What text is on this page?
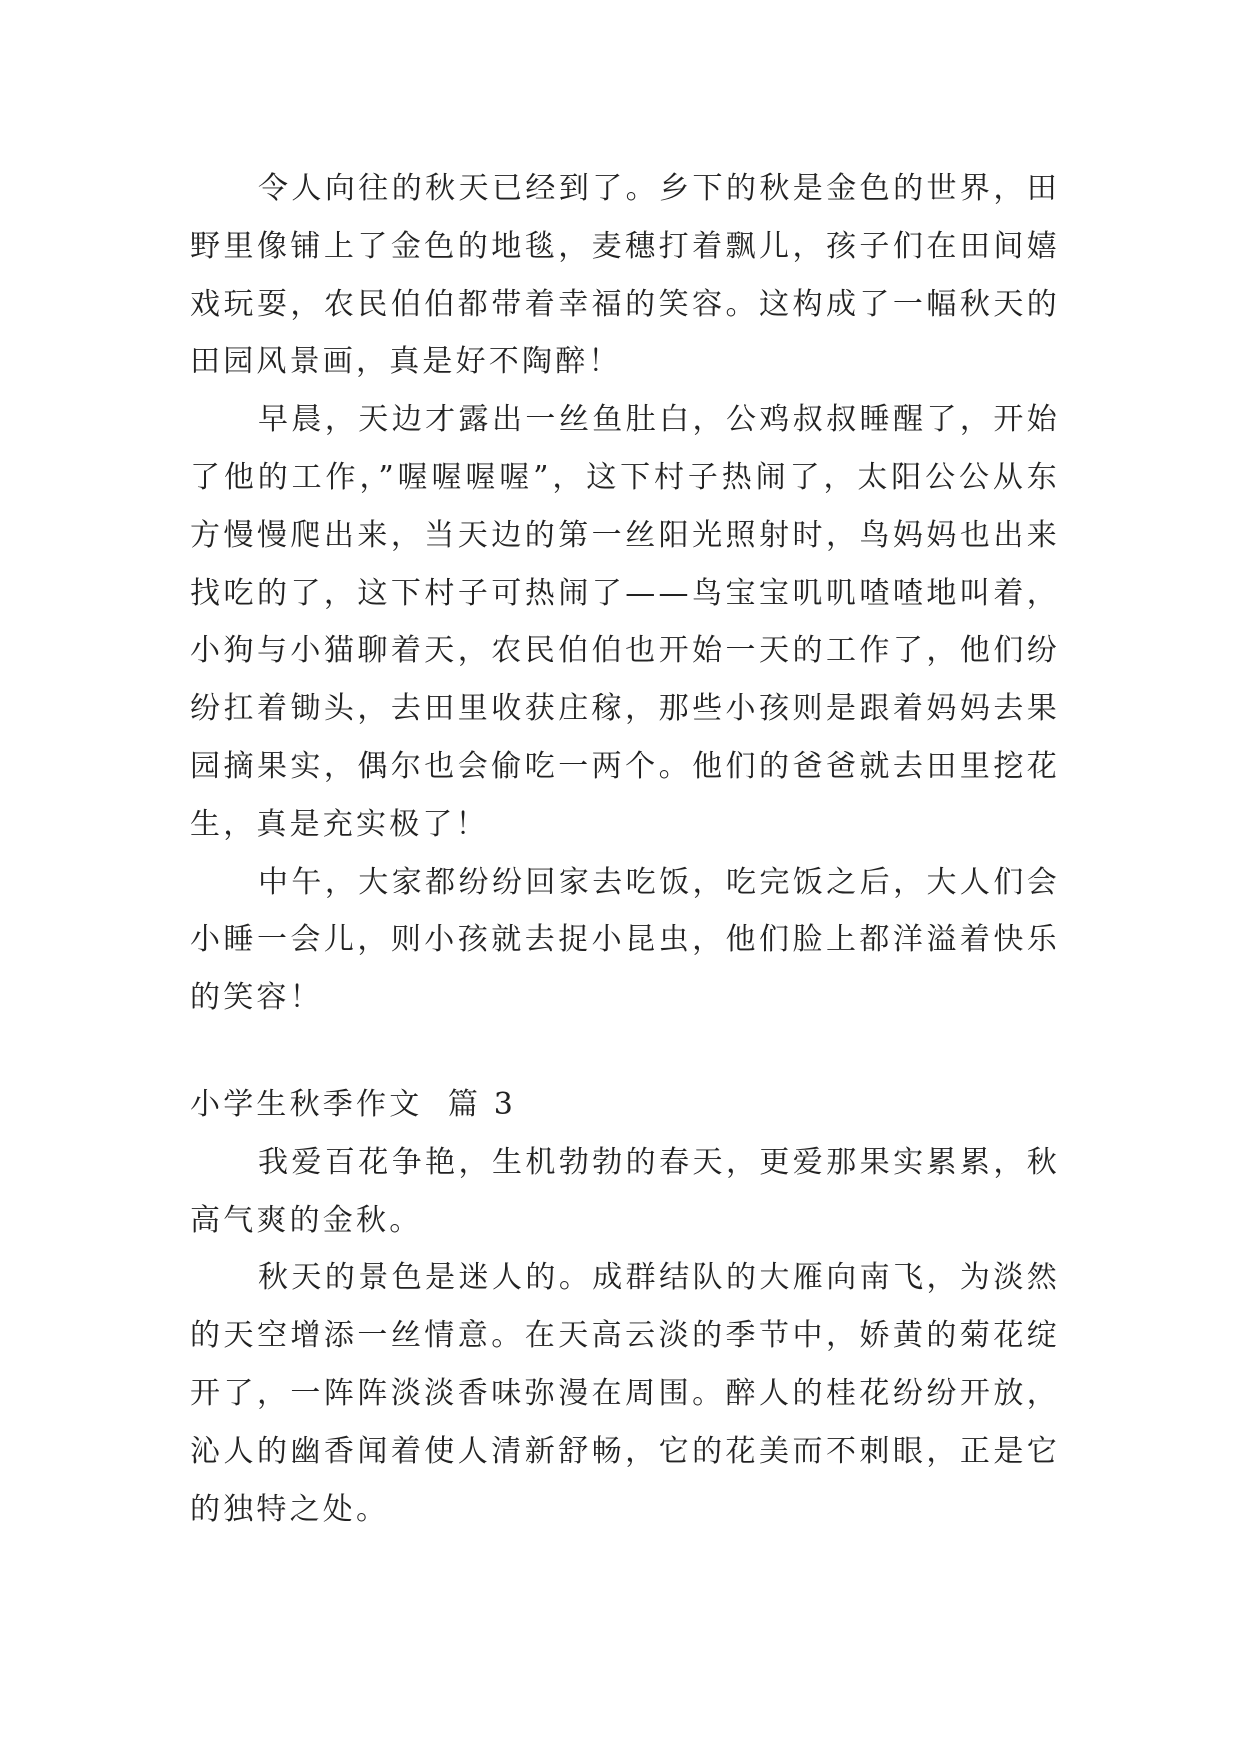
令人向往的秋天已经到了。乡下的秋是金色的世界，田野里像铺上了金色的地毯，麦穗打着飘儿，孩子们在田间嬉戏玩耍，农民伯伯都带着幸福的笑容。这构成了一幅秋天的田园风景画，真是好不陶醉！

早晨，天边才露出一丝鱼肚白，公鸡叔叔睡醒了，开始了他的工作，”喔喔喔喔”，这下村子热闹了，太阳公公从东方慢慢爬出来，当天边的第一丝阳光照射时，鸟妈妈也出来找吃的了，这下村子可热闹了——鸟宝宝叽叽喳喳地叫着，小狗与小猫聊着天，农民伯伯也开始一天的工作了，他们纷纷扛着锄头，去田里收获庄稼，那些小孩则是跟着妈妈去果园摘果实，偶尔也会偷吃一两个。他们的爸爸就去田里挖花生，真是充实极了！

中午，大家都纷纷回家去吃饭，吃完饭之后，大人们会小睡一会儿，则小孩就去捉小昆虫，他们脸上都洋溢着快乐的笑容！

小学生秋季作文  篇 3

我爱百花争艳，生机勃勃的春天，更爱那果实累累，秋高气爽的金秋。

秋天的景色是迷人的。成群结队的大雁向南飞，为淡然的天空增添一丝情意。在天高云淡的季节中，娇黄的菊花绽开了，一阵阵淡淡香味弥漫在周围。醉人的桂花纷纷开放，沁人的幽香闻着使人清新舒畅，它的花美而不刺眼，正是它的独特之处。
